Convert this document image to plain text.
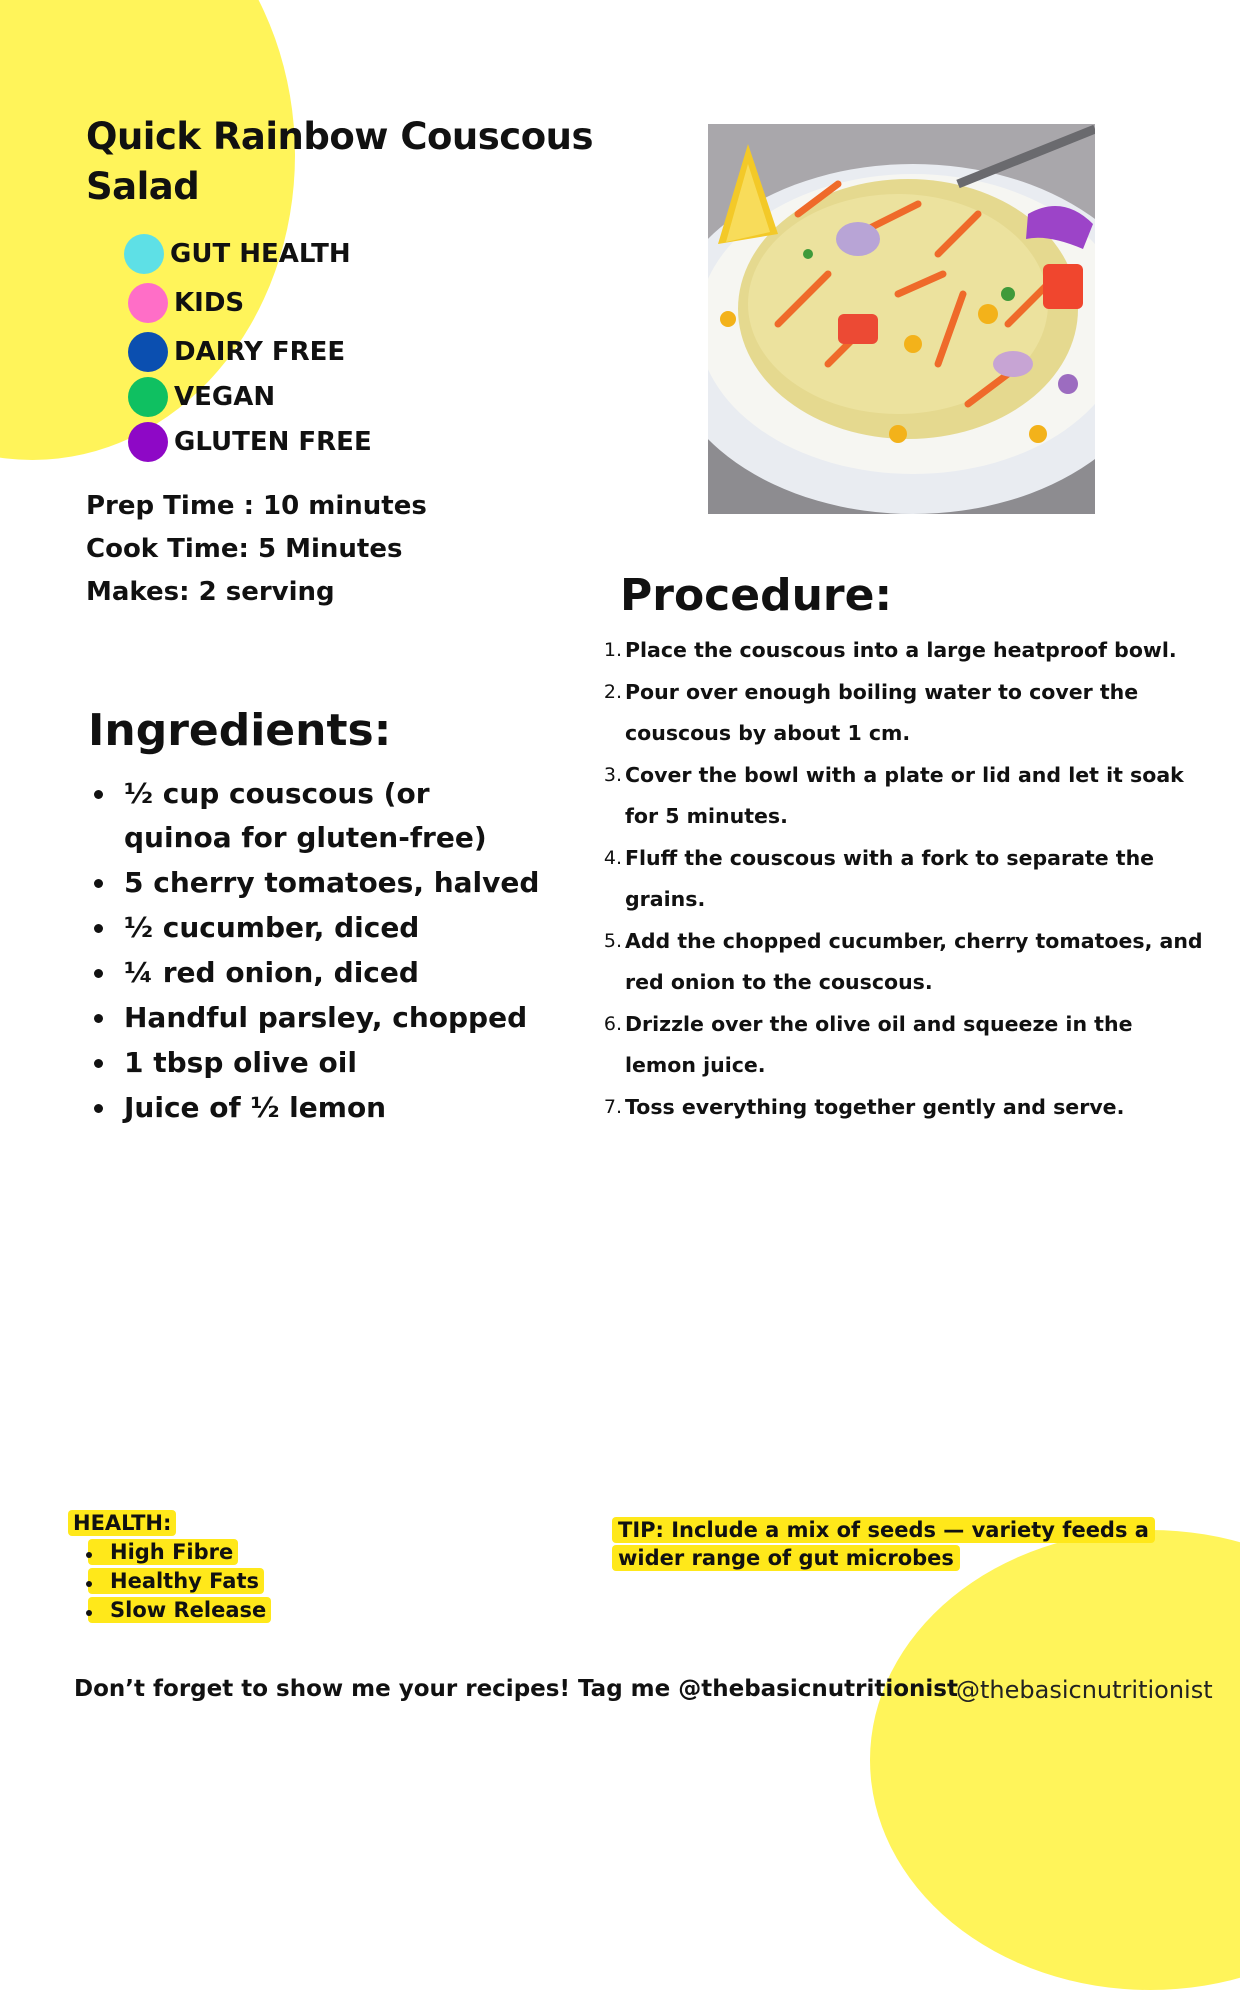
Quick Rainbow Couscous
Salad
GUT HEALTH
KIDS
DAIRY FREE
VEGAN
GLUTEN FREE
Prep Time : 10 minutes
Cook Time: 5 Minutes
Makes: 2 serving
Ingredients:
½ cup couscous (or quinoa for gluten-free)
5 cherry tomatoes, halved
½ cucumber, diced
¼ red onion, diced
Handful parsley, chopped
1 tbsp olive oil
Juice of ½ lemon
Procedure:
1. Place the couscous into a large heatproof bowl.
2. Pour over enough boiling water to cover the couscous by about 1 cm.
3. Cover the bowl with a plate or lid and let it soak for 5 minutes.
4. Fluff the couscous with a fork to separate the grains.
5. Add the chopped cucumber, cherry tomatoes, and red onion to the couscous.
6. Drizzle over the olive oil and squeeze in the lemon juice.
7. Toss everything together gently and serve.
HEALTH:
High Fibre
Healthy Fats
Slow Release
TIP: Include a mix of seeds — variety feeds a wider range of gut microbes
Don’t forget to show me your recipes! Tag me @thebasicnutritionist
@thebasicnutritionist
